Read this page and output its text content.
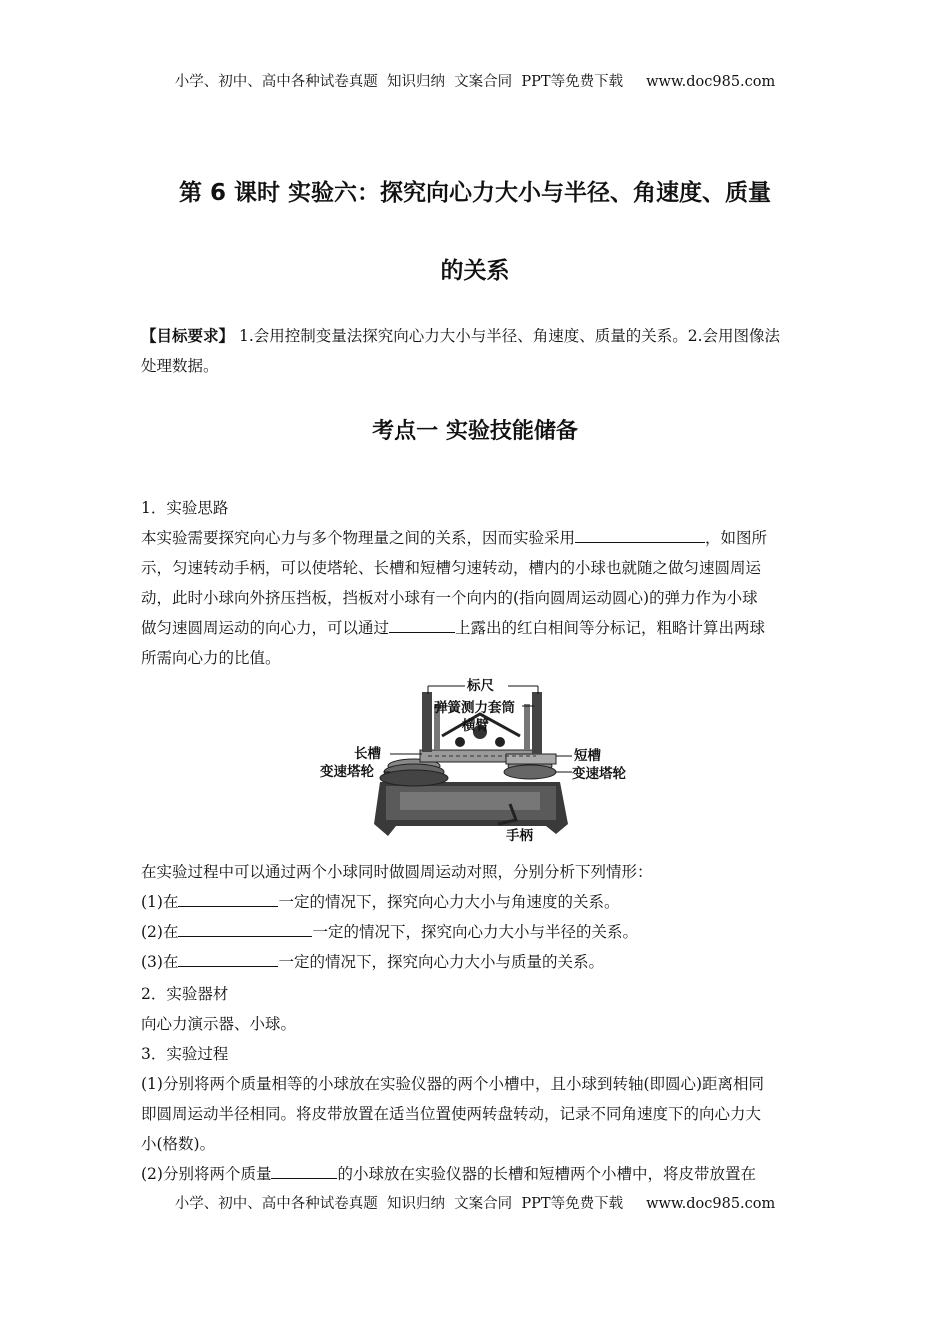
小学、初中、高中各种试卷真题  知识归纳  文案合同  PPT等免费下载     www.doc985.com
第 6 课时 实验六：探究向心力大小与半径、角速度、质量
的关系
【目标要求】 1.会用控制变量法探究向心力大小与半径、角速度、质量的关系。2.会用图像法
处理数据。
考点一 实验技能储备
1．实验思路
本实验需要探究向心力与多个物理量之间的关系，因而实验采用	，如图所
示，匀速转动手柄，可以使塔轮、长槽和短槽匀速转动，槽内的小球也就随之做匀速圆周运
动，此时小球向外挤压挡板，挡板对小球有一个向内的(指向圆周运动圆心)的弹力作为小球
做匀速圆周运动的向心力，可以通过	上露出的红白相间等分标记，粗略计算出两球
所需向心力的比值。
标尺
弹簧测力套筒
横臂
长槽
变速塔轮
短槽
变速塔轮
手柄
在实验过程中可以通过两个小球同时做圆周运动对照，分别分析下列情形：
(1)在	一定的情况下，探究向心力大小与角速度的关系。
(2)在	一定的情况下，探究向心力大小与半径的关系。
(3)在	一定的情况下，探究向心力大小与质量的关系。
2．实验器材
向心力演示器、小球。
3．实验过程
(1)分别将两个质量相等的小球放在实验仪器的两个小槽中，且小球到转轴(即圆心)距离相同
即圆周运动半径相同。将皮带放置在适当位置使两转盘转动，记录不同角速度下的向心力大
小(格数)。
(2)分别将两个质量	的小球放在实验仪器的长槽和短槽两个小槽中，将皮带放置在
小学、初中、高中各种试卷真题  知识归纳  文案合同  PPT等免费下载     www.doc985.com
